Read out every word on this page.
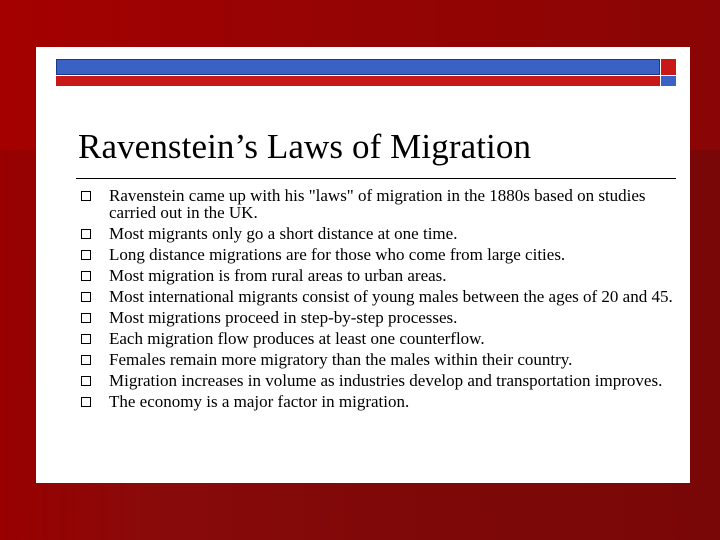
Ravenstein’s Laws of Migration
Ravenstein came up with his "laws" of migration in the 1880s based on studies carried out in the UK.
Most migrants only go a short distance at one time.
Long distance migrations are for those who come from large cities.
Most migration is from rural areas to urban areas.
Most international migrants consist of young males between the ages of 20 and 45.
Most migrations proceed in step-by-step processes.
Each migration flow produces at least one counterflow.
Females remain more migratory than the males within their country.
Migration increases in volume as industries develop and transportation improves.
The economy is a major factor in migration.
